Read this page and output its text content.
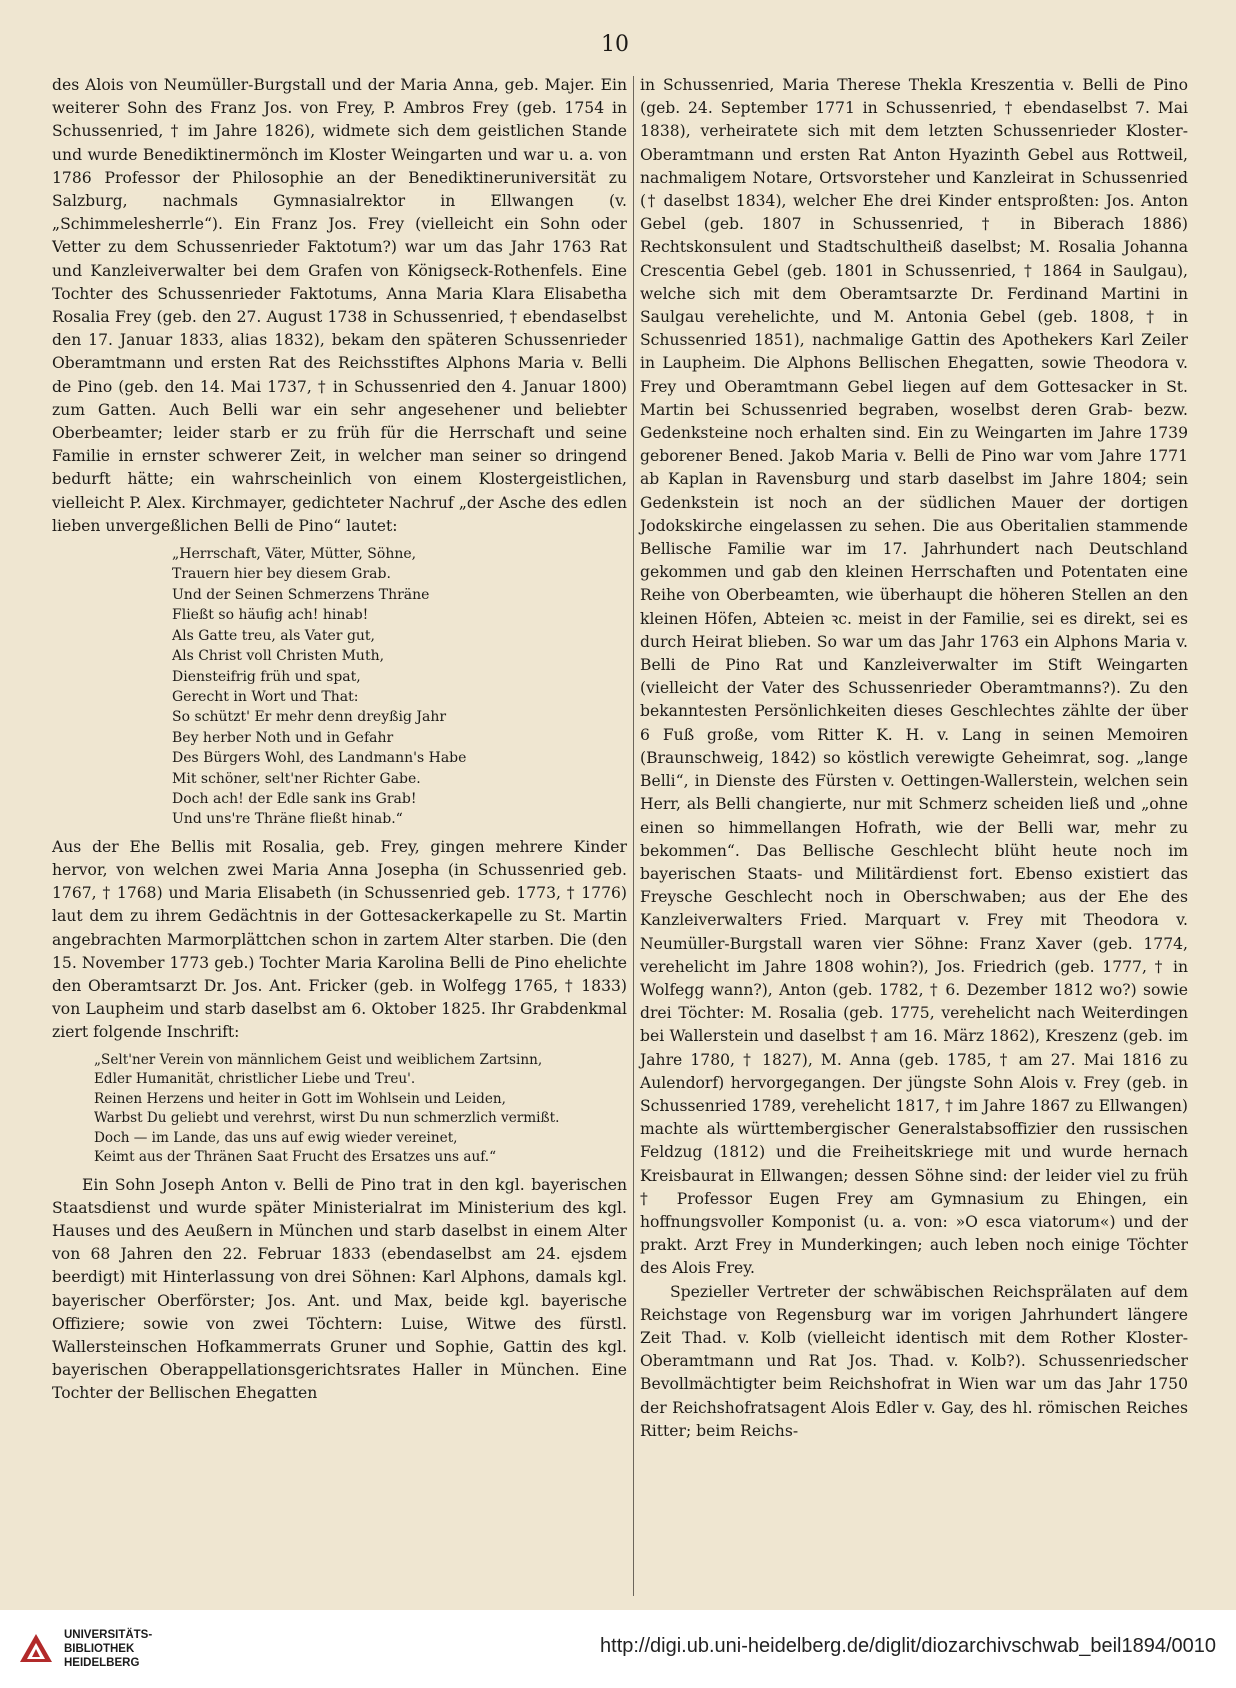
10

des Alois von Neumüller-Burgstall und der Maria Anna, geb. Majer. Ein weiterer Sohn des Franz Jos. von Frey, P. Ambros Frey (geb. 1754 in Schussenried, † im Jahre 1826), widmete sich dem geistlichen Stande und wurde Benediktinermönch im Kloster Weingarten und war u. a. von 1786 Professor der Philosophie an der Benediktineruniversität zu Salzburg, nachmals Gymnasialrektor in Ellwangen (v. „Schimmelesherrle“). Ein Franz Jos. Frey (vielleicht ein Sohn oder Vetter zu dem Schussenrieder Faktotum?) war um das Jahr 1763 Rat und Kanzleiverwalter bei dem Grafen von Königseck-Rothenfels. Eine Tochter des Schussenrieder Faktotums, Anna Maria Klara Elisabetha Rosalia Frey (geb. den 27. August 1738 in Schussenried, † ebendaselbst den 17. Januar 1833, alias 1832), bekam den späteren Schussenrieder Oberamtmann und ersten Rat des Reichsstiftes Alphons Maria v. Belli de Pino (geb. den 14. Mai 1737, † in Schussenried den 4. Januar 1800) zum Gatten. Auch Belli war ein sehr angesehener und beliebter Oberbeamter; leider starb er zu früh für die Herrschaft und seine Familie in ernster schwerer Zeit, in welcher man seiner so dringend bedurft hätte; ein wahrscheinlich von einem Klostergeistlichen, vielleicht P. Alex. Kirchmayer, gedichteter Nachruf „der Asche des edlen lieben unvergeßlichen Belli de Pino“ lautet:

„Herrschaft, Väter, Mütter, Söhne,
Trauern hier bey diesem Grab.
Und der Seinen Schmerzens Thräne
Fließt so häufig ach! hinab!
Als Gatte treu, als Vater gut,
Als Christ voll Christen Muth,
Diensteifrig früh und spat,
Gerecht in Wort und That:
So schützt' Er mehr denn dreyßig Jahr
Bey herber Noth und in Gefahr
Des Bürgers Wohl, des Landmann's Habe
Mit schöner, selt'ner Richter Gabe.
Doch ach! der Edle sank ins Grab!
Und uns're Thräne fließt hinab.“

Aus der Ehe Bellis mit Rosalia, geb. Frey, gingen mehrere Kinder hervor, von welchen zwei Maria Anna Josepha (in Schussenried geb. 1767, † 1768) und Maria Elisabeth (in Schussenried geb. 1773, † 1776) laut dem zu ihrem Gedächtnis in der Gottesackerkapelle zu St. Martin angebrachten Marmorplättchen schon in zartem Alter starben. Die (den 15. November 1773 geb.) Tochter Maria Karolina Belli de Pino ehelichte den Oberamtsarzt Dr. Jos. Ant. Fricker (geb. in Wolfegg 1765, † 1833) von Laupheim und starb daselbst am 6. Oktober 1825. Ihr Grabdenkmal ziert folgende Inschrift:

„Selt'ner Verein von männlichem Geist und weiblichem Zartsinn,
Edler Humanität, christlicher Liebe und Treu'.
Reinen Herzens und heiter in Gott im Wohlsein und Leiden,
Warbst Du geliebt und verehrst, wirst Du nun schmerzlich vermißt.
Doch — im Lande, das uns auf ewig wieder vereinet,
Keimt aus der Thränen Saat Frucht des Ersatzes uns auf.“

Ein Sohn Joseph Anton v. Belli de Pino trat in den kgl. bayerischen Staatsdienst und wurde später Ministerialrat im Ministerium des kgl. Hauses und des Aeußern in München und starb daselbst in einem Alter von 68 Jahren den 22. Februar 1833 (ebendaselbst am 24. ejsdem beerdigt) mit Hinterlassung von drei Söhnen: Karl Alphons, damals kgl. bayerischer Oberförster; Jos. Ant. und Max, beide kgl. bayerische Offiziere; sowie von zwei Töchtern: Luise, Witwe des fürstl. Wallersteinschen Hofkammerrats Gruner und Sophie, Gattin des kgl. bayerischen Oberappellationsgerichtsrates Haller in München. Eine Tochter der Bellischen Ehegatten

in Schussenried, Maria Therese Thekla Kreszentia v. Belli de Pino (geb. 24. September 1771 in Schussenried, † ebendaselbst 7. Mai 1838), verheiratete sich mit dem letzten Schussenrieder Kloster-Oberamtmann und ersten Rat Anton Hyazinth Gebel aus Rottweil, nachmaligem Notare, Ortsvorsteher und Kanzleirat in Schussenried († daselbst 1834), welcher Ehe drei Kinder entsproßten: Jos. Anton Gebel (geb. 1807 in Schussenried, † in Biberach 1886) Rechtskonsulent und Stadtschultheiß daselbst; M. Rosalia Johanna Crescentia Gebel (geb. 1801 in Schussenried, † 1864 in Saulgau), welche sich mit dem Oberamtsarzte Dr. Ferdinand Martini in Saulgau verehelichte, und M. Antonia Gebel (geb. 1808, † in Schussenried 1851), nachmalige Gattin des Apothekers Karl Zeiler in Laupheim. Die Alphons Bellischen Ehegatten, sowie Theodora v. Frey und Oberamtmann Gebel liegen auf dem Gottesacker in St. Martin bei Schussenried begraben, woselbst deren Grab- bezw. Gedenksteine noch erhalten sind. Ein zu Weingarten im Jahre 1739 geborener Bened. Jakob Maria v. Belli de Pino war vom Jahre 1771 ab Kaplan in Ravensburg und starb daselbst im Jahre 1804; sein Gedenkstein ist noch an der südlichen Mauer der dortigen Jodokskirche eingelassen zu sehen. Die aus Oberitalien stammende Bellische Familie war im 17. Jahrhundert nach Deutschland gekommen und gab den kleinen Herrschaften und Potentaten eine Reihe von Oberbeamten, wie überhaupt die höheren Stellen an den kleinen Höfen, Abteien ꝛc. meist in der Familie, sei es direkt, sei es durch Heirat blieben. So war um das Jahr 1763 ein Alphons Maria v. Belli de Pino Rat und Kanzleiverwalter im Stift Weingarten (vielleicht der Vater des Schussenrieder Oberamtmanns?). Zu den bekanntesten Persönlichkeiten dieses Geschlechtes zählte der über 6 Fuß große, vom Ritter K. H. v. Lang in seinen Memoiren (Braunschweig, 1842) so köstlich verewigte Geheimrat, sog. „lange Belli“, in Dienste des Fürsten v. Oettingen-Wallerstein, welchen sein Herr, als Belli changierte, nur mit Schmerz scheiden ließ und „ohne einen so himmellangen Hofrath, wie der Belli war, mehr zu bekommen“. Das Bellische Geschlecht blüht heute noch im bayerischen Staats- und Militärdienst fort. Ebenso existiert das Freysche Geschlecht noch in Oberschwaben; aus der Ehe des Kanzleiverwalters Fried. Marquart v. Frey mit Theodora v. Neumüller-Burgstall waren vier Söhne: Franz Xaver (geb. 1774, verehelicht im Jahre 1808 wohin?), Jos. Friedrich (geb. 1777, † in Wolfegg wann?), Anton (geb. 1782, † 6. Dezember 1812 wo?) sowie drei Töchter: M. Rosalia (geb. 1775, verehelicht nach Weiterdingen bei Wallerstein und daselbst † am 16. März 1862), Kreszenz (geb. im Jahre 1780, † 1827), M. Anna (geb. 1785, † am 27. Mai 1816 zu Aulendorf) hervorgegangen. Der jüngste Sohn Alois v. Frey (geb. in Schussenried 1789, verehelicht 1817, † im Jahre 1867 zu Ellwangen) machte als württembergischer Generalstabsoffizier den russischen Feldzug (1812) und die Freiheitskriege mit und wurde hernach Kreisbaurat in Ellwangen; dessen Söhne sind: der leider viel zu früh † Professor Eugen Frey am Gymnasium zu Ehingen, ein hoffnungsvoller Komponist (u. a. von: »O esca viatorum«) und der prakt. Arzt Frey in Munderkingen; auch leben noch einige Töchter des Alois Frey.

Spezieller Vertreter der schwäbischen Reichsprälaten auf dem Reichstage von Regensburg war im vorigen Jahrhundert längere Zeit Thad. v. Kolb (vielleicht identisch mit dem Rother Kloster-Oberamtmann und Rat Jos. Thad. v. Kolb?). Schussenriedscher Bevollmächtigter beim Reichshofrat in Wien war um das Jahr 1750 der Reichshofratsagent Alois Edler v. Gay, des hl. römischen Reiches Ritter; beim Reichs-

UNIVERSITÄTS-
BIBLIOTHEK
HEIDELBERG
http://digi.ub.uni-heidelberg.de/diglit/diozarchivschwab_beil1894/0010
